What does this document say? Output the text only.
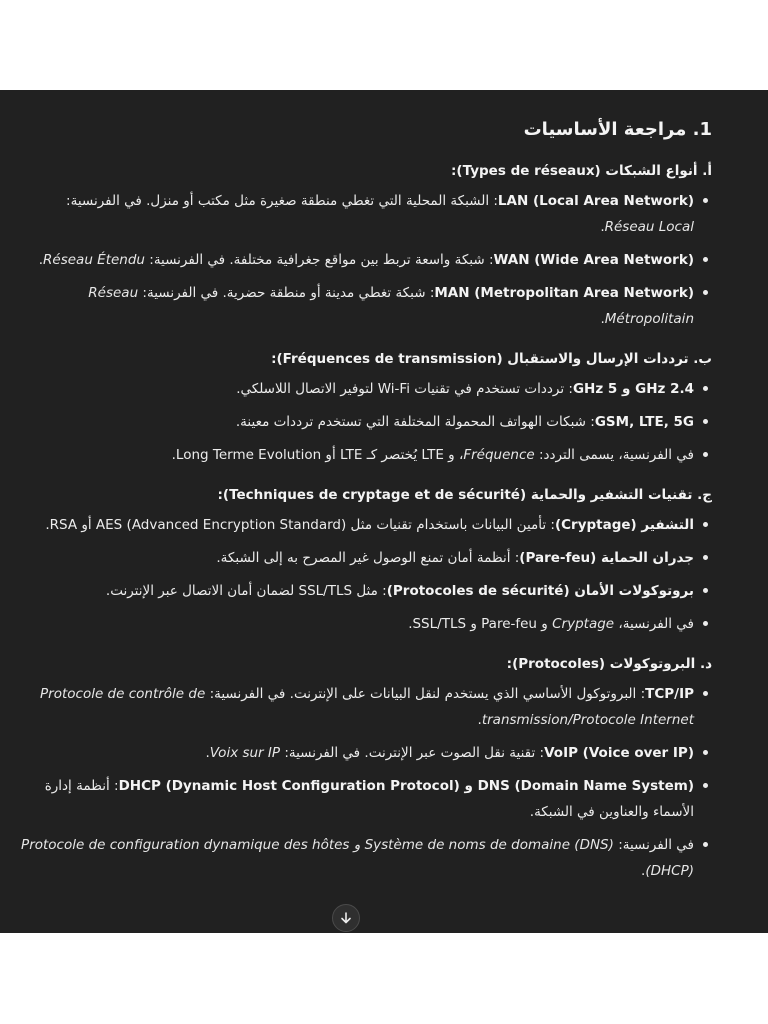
1. مراجعة الأساسيات
أ. أنواع الشبكات (Types de réseaux):
LAN (Local Area Network): الشبكة المحلية التي تغطي منطقة صغيرة مثل مكتب أو منزل. في الفرنسية: Réseau Local.
WAN (Wide Area Network): شبكة واسعة تربط بين مواقع جغرافية مختلفة. في الفرنسية: Réseau Étendu.
MAN (Metropolitan Area Network): شبكة تغطي مدينة أو منطقة حضرية. في الفرنسية: Réseau Métropolitain.
ب. ترددات الإرسال والاستقبال (Fréquences de transmission):
2.4 GHz و 5 GHz: ترددات تستخدم في تقنيات Wi-Fi لتوفير الاتصال اللاسلكي.
GSM, LTE, 5G: شبكات الهواتف المحمولة المختلفة التي تستخدم ترددات معينة.
في الفرنسية، يسمى التردد: Fréquence، و LTE يُختصر كـ LTE أو Long Terme Evolution.
ج. تقنيات التشفير والحماية (Techniques de cryptage et de sécurité):
التشفير (Cryptage): تأمين البيانات باستخدام تقنيات مثل AES (Advanced Encryption Standard) أو RSA.
جدران الحماية (Pare-feu): أنظمة أمان تمنع الوصول غير المصرح به إلى الشبكة.
بروتوكولات الأمان (Protocoles de sécurité): مثل SSL/TLS لضمان أمان الاتصال عبر الإنترنت.
في الفرنسية، Cryptage و Pare-feu و SSL/TLS.
د. البروتوكولات (Protocoles):
TCP/IP: البروتوكول الأساسي الذي يستخدم لنقل البيانات على الإنترنت. في الفرنسية: Protocole de contrôle de transmission/Protocole Internet.
VoIP (Voice over IP): تقنية نقل الصوت عبر الإنترنت. في الفرنسية: Voix sur IP.
DNS (Domain Name System) و DHCP (Dynamic Host Configuration Protocol): أنظمة إدارة الأسماء والعناوين في الشبكة.
في الفرنسية: Système de noms de domaine (DNS) و Protocole de configuration dynamique des hôtes (DHCP).
